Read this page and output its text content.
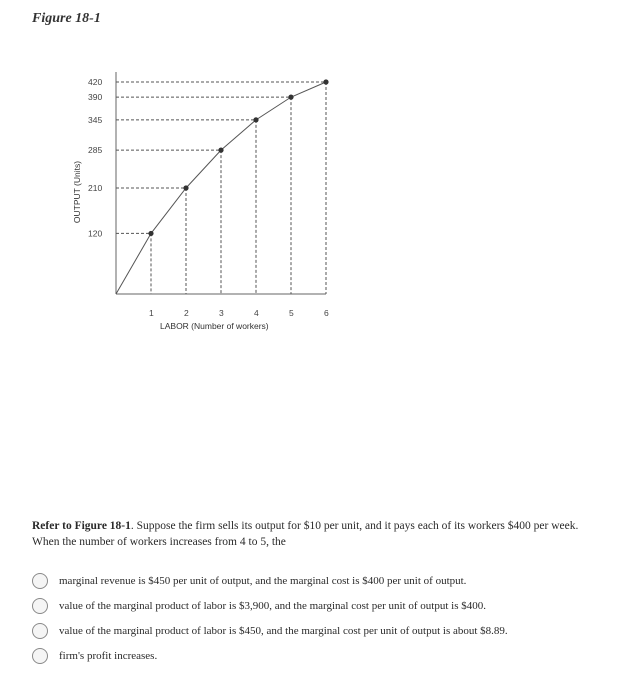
Figure 18-1
120
210
285
345
390
420
1	2	3	4	5	6
LABOR (Number of workers)
OUTPUT (Units)
Refer to Figure 18-1. Suppose the firm sells its output for $10 per unit, and it pays each of its workers $400 per week.
When the number of workers increases from 4 to 5, the
marginal revenue is $450 per unit of output, and the marginal cost is $400 per unit of output.
value of the marginal product of labor is $3,900, and the marginal cost per unit of output is $400.
value of the marginal product of labor is $450, and the marginal cost per unit of output is about $8.89.
firm's profit increases.
